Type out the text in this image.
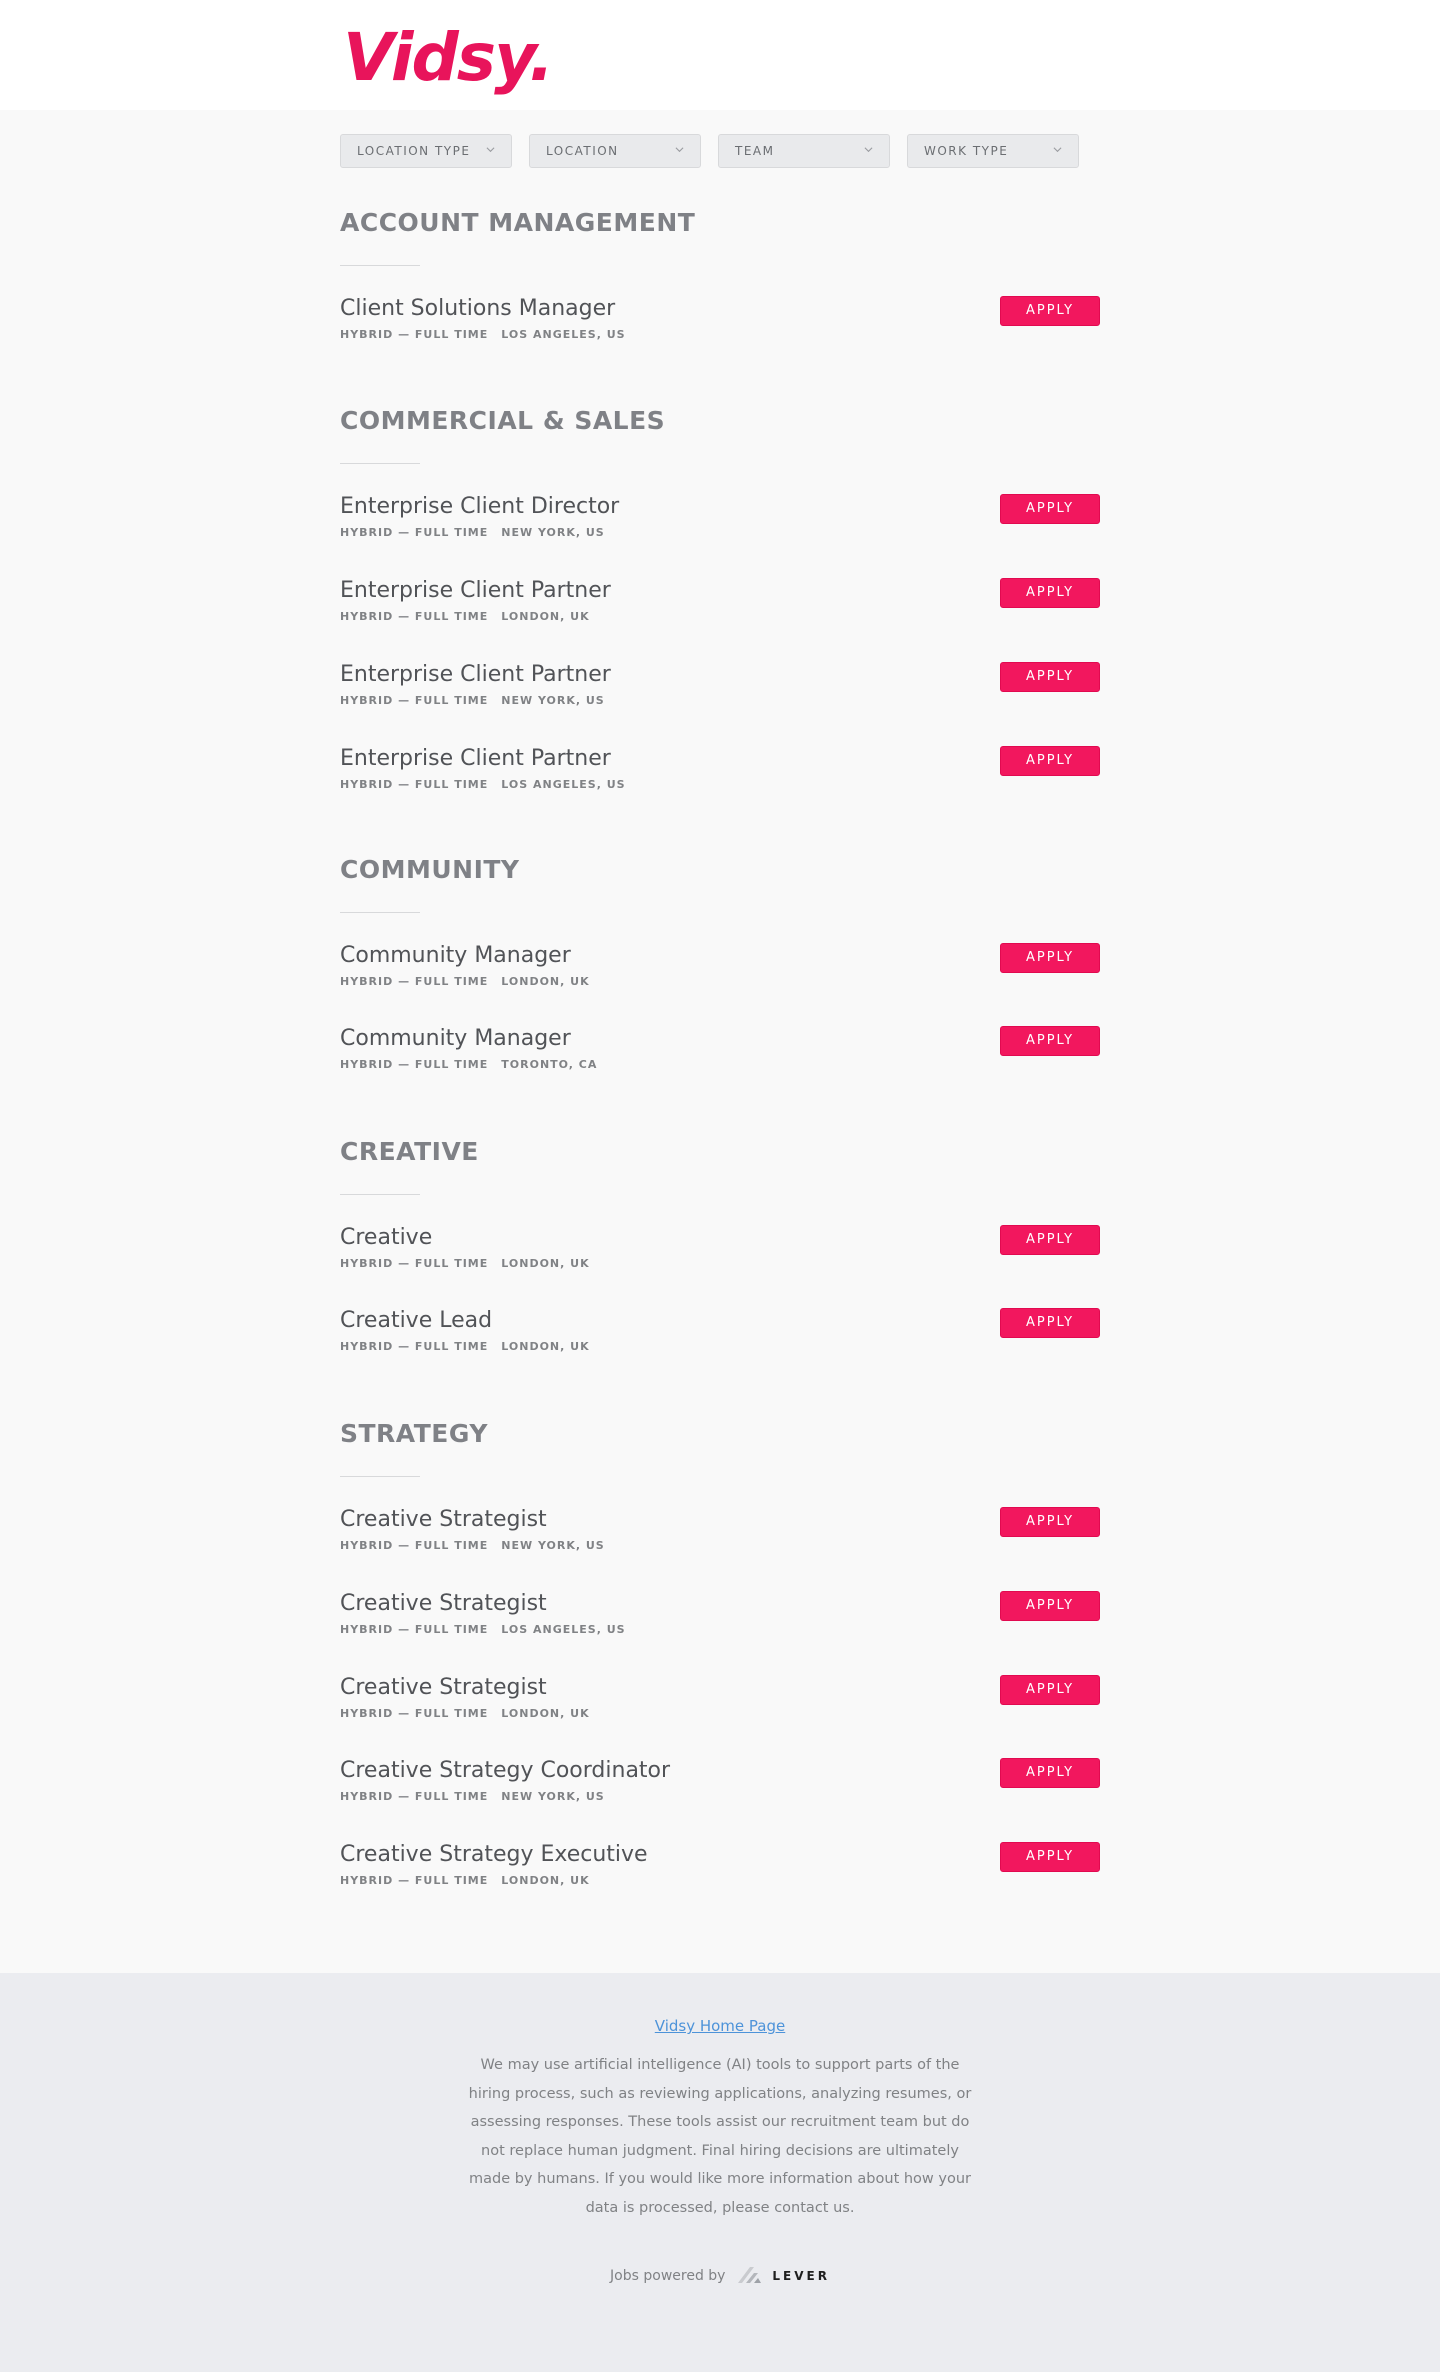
Vidsy.
LOCATION TYPE	LOCATION	TEAM	WORK TYPE
ACCOUNT MANAGEMENT
Client Solutions Manager
HYBRID — FULL TIME LOS ANGELES, US
APPLY
COMMERCIAL & SALES
Enterprise Client Director
HYBRID — FULL TIME NEW YORK, US
APPLY
Enterprise Client Partner
HYBRID — FULL TIME LONDON, UK
APPLY
Enterprise Client Partner
HYBRID — FULL TIME NEW YORK, US
APPLY
Enterprise Client Partner
HYBRID — FULL TIME LOS ANGELES, US
APPLY
COMMUNITY
Community Manager
HYBRID — FULL TIME LONDON, UK
APPLY
Community Manager
HYBRID — FULL TIME TORONTO, CA
APPLY
CREATIVE
Creative
HYBRID — FULL TIME LONDON, UK
APPLY
Creative Lead
HYBRID — FULL TIME LONDON, UK
APPLY
STRATEGY
Creative Strategist
HYBRID — FULL TIME NEW YORK, US
APPLY
Creative Strategist
HYBRID — FULL TIME LOS ANGELES, US
APPLY
Creative Strategist
HYBRID — FULL TIME LONDON, UK
APPLY
Creative Strategy Coordinator
HYBRID — FULL TIME NEW YORK, US
APPLY
Creative Strategy Executive
HYBRID — FULL TIME LONDON, UK
APPLY
Vidsy Home Page
We may use artificial intelligence (AI) tools to support parts of the hiring process, such as reviewing applications, analyzing resumes, or assessing responses. These tools assist our recruitment team but do not replace human judgment. Final hiring decisions are ultimately made by humans. If you would like more information about how your data is processed, please contact us.
Jobs powered by	LEVER
